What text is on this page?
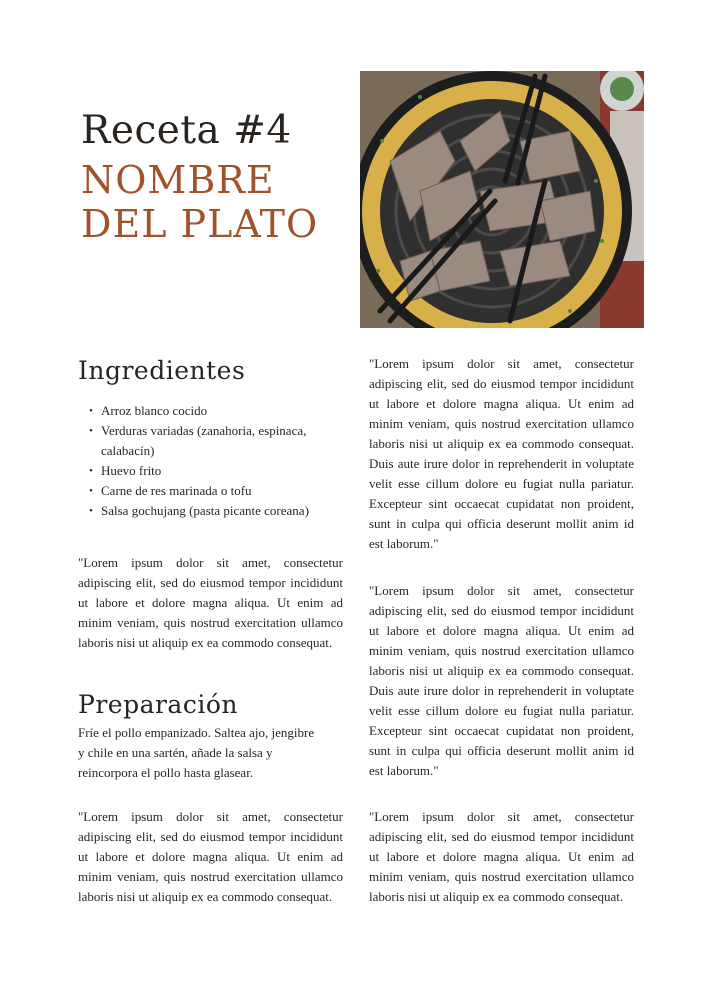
Receta #4
NOMBRE
DEL PLATO
Ingredientes
• Arroz blanco cocido
• Verduras variadas (zanahoria, espinaca, calabacín)
• Huevo frito
• Carne de res marinada o tofu
• Salsa gochujang (pasta picante coreana)
"Lorem ipsum dolor sit amet, consectetur adipiscing elit, sed do eiusmod tempor incididunt ut labore et dolore magna aliqua. Ut enim ad minim veniam, quis nostrud exercitation ullamco laboris nisi ut aliquip ex ea commodo consequat.
Preparación
Fríe el pollo empanizado. Saltea ajo, jengibre y chile en una sartén, añade la salsa y reincorpora el pollo hasta glasear.
"Lorem ipsum dolor sit amet, consectetur adipiscing elit, sed do eiusmod tempor incididunt ut labore et dolore magna aliqua. Ut enim ad minim veniam, quis nostrud exercitation ullamco laboris nisi ut aliquip ex ea commodo consequat.
"Lorem ipsum dolor sit amet, consectetur adipiscing elit, sed do eiusmod tempor incididunt ut labore et dolore magna aliqua. Ut enim ad minim veniam, quis nostrud exercitation ullamco laboris nisi ut aliquip ex ea commodo consequat. Duis aute irure dolor in reprehenderit in voluptate velit esse cillum dolore eu fugiat nulla pariatur. Excepteur sint occaecat cupidatat non proident, sunt in culpa qui officia deserunt mollit anim id est laborum."
"Lorem ipsum dolor sit amet, consectetur adipiscing elit, sed do eiusmod tempor incididunt ut labore et dolore magna aliqua. Ut enim ad minim veniam, quis nostrud exercitation ullamco laboris nisi ut aliquip ex ea commodo consequat. Duis aute irure dolor in reprehenderit in voluptate velit esse cillum dolore eu fugiat nulla pariatur. Excepteur sint occaecat cupidatat non proident, sunt in culpa qui officia deserunt mollit anim id est laborum."
"Lorem ipsum dolor sit amet, consectetur adipiscing elit, sed do eiusmod tempor incididunt ut labore et dolore magna aliqua. Ut enim ad minim veniam, quis nostrud exercitation ullamco laboris nisi ut aliquip ex ea commodo consequat.
